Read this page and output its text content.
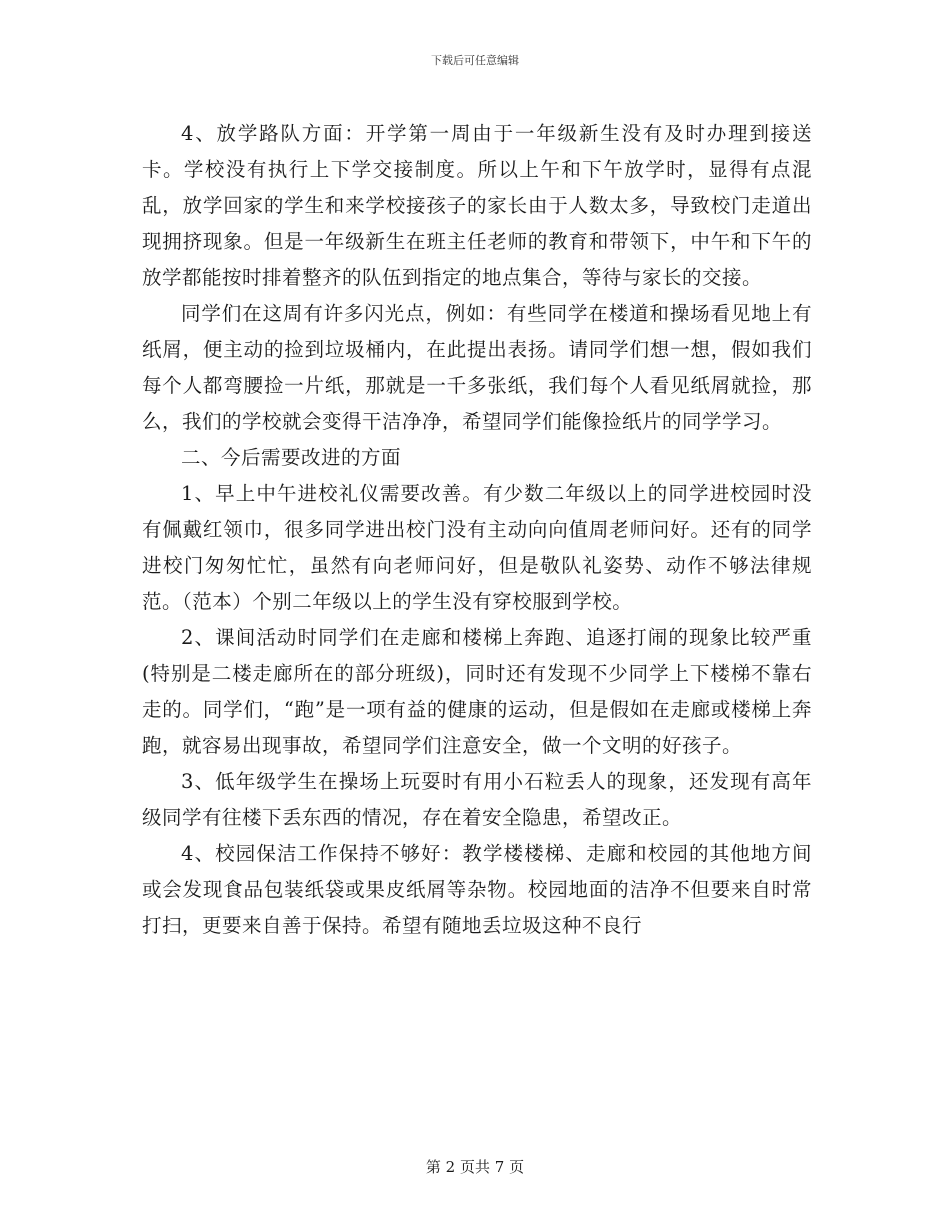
下载后可任意编辑

4、放学路队方面：开学第一周由于一年级新生没有及时办理到接送卡。学校没有执行上下学交接制度。所以上午和下午放学时，显得有点混乱，放学回家的学生和来学校接孩子的家长由于人数太多，导致校门走道出现拥挤现象。但是一年级新生在班主任老师的教育和带领下，中午和下午的放学都能按时排着整齐的队伍到指定的地点集合，等待与家长的交接。

同学们在这周有许多闪光点，例如：有些同学在楼道和操场看见地上有纸屑，便主动的捡到垃圾桶内，在此提出表扬。请同学们想一想，假如我们每个人都弯腰捡一片纸，那就是一千多张纸，我们每个人看见纸屑就捡，那么，我们的学校就会变得干洁净净，希望同学们能像捡纸片的同学学习。

二、今后需要改进的方面

1、早上中午进校礼仪需要改善。有少数二年级以上的同学进校园时没有佩戴红领巾，很多同学进出校门没有主动向向值周老师问好。还有的同学进校门匆匆忙忙，虽然有向老师问好，但是敬队礼姿势、动作不够法律规范。（范本）个别二年级以上的学生没有穿校服到学校。

2、课间活动时同学们在走廊和楼梯上奔跑、追逐打闹的现象比较严重(特别是二楼走廊所在的部分班级)，同时还有发现不少同学上下楼梯不靠右走的。同学们，“跑”是一项有益的健康的运动，但是假如在走廊或楼梯上奔跑，就容易出现事故，希望同学们注意安全，做一个文明的好孩子。

3、低年级学生在操场上玩耍时有用小石粒丢人的现象，还发现有高年级同学有往楼下丢东西的情况，存在着安全隐患，希望改正。

4、校园保洁工作保持不够好：教学楼楼梯、走廊和校园的其他地方间或会发现食品包装纸袋或果皮纸屑等杂物。校园地面的洁净不但要来自时常打扫，更要来自善于保持。希望有随地丢垃圾这种不良行

第 2 页共 7 页
